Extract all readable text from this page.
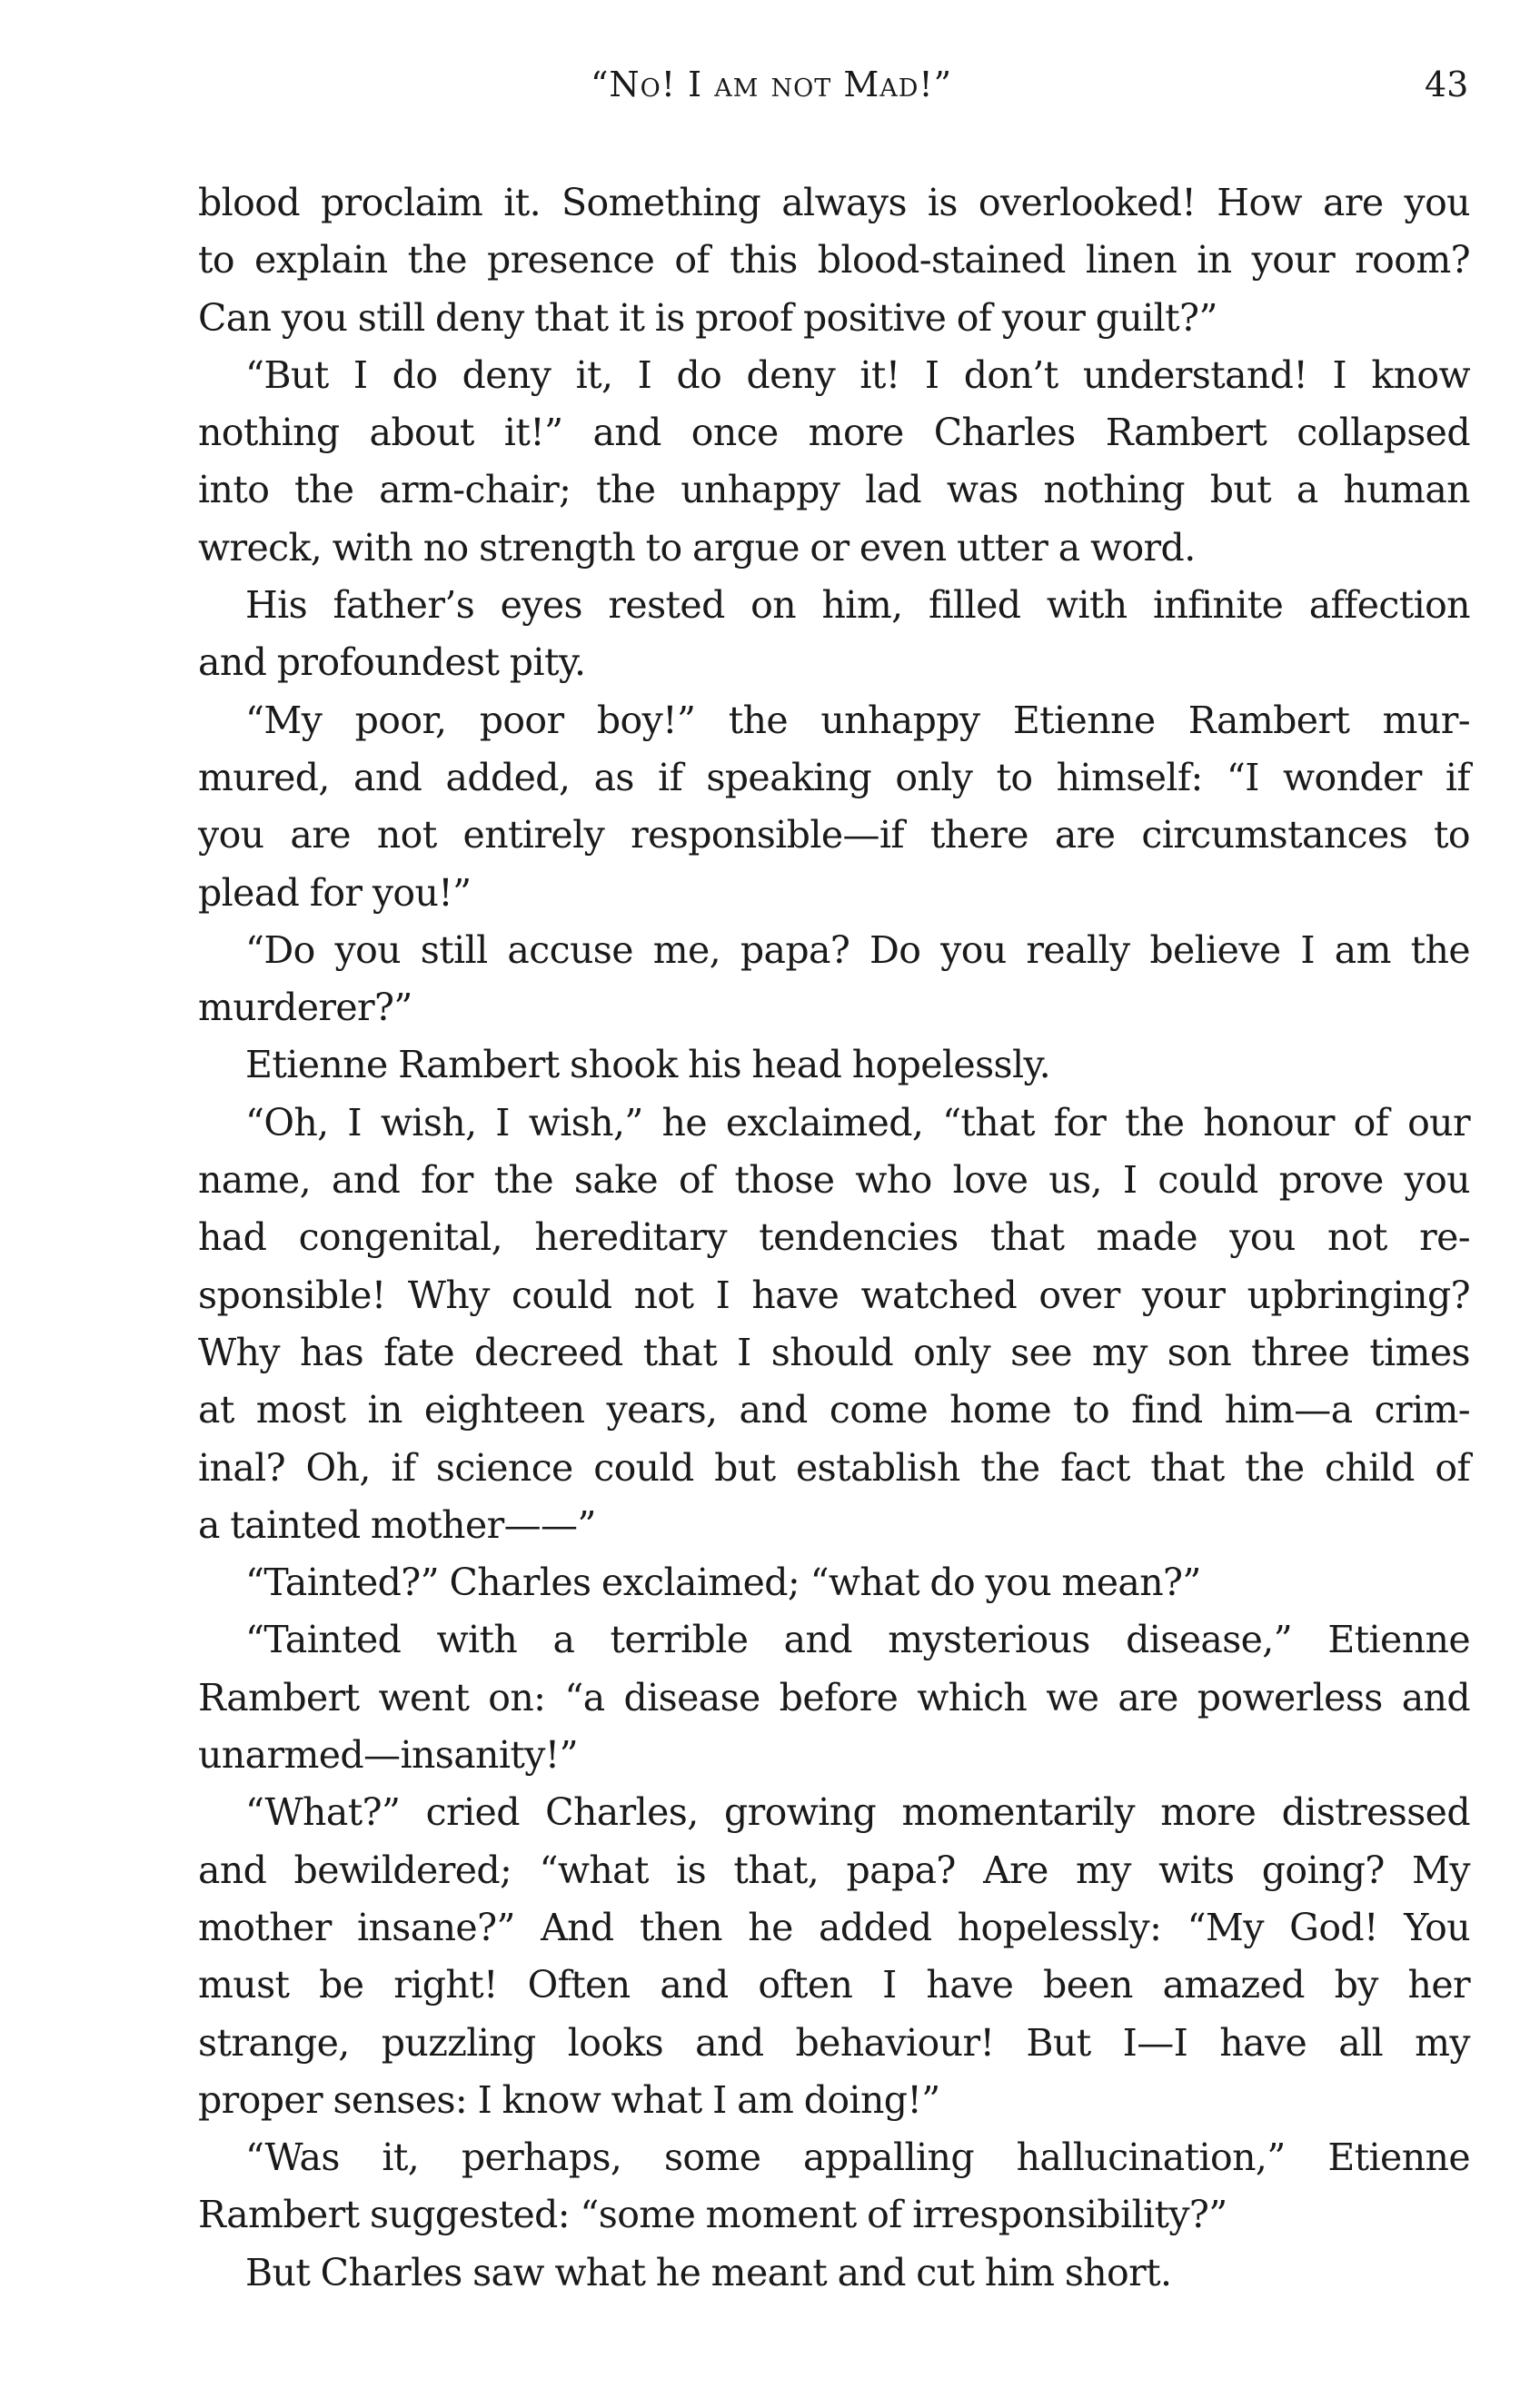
“No! I am not Mad!”	43
blood proclaim it. Something always is overlooked! How are you
to explain the presence of this blood-stained linen in your room?
Can you still deny that it is proof positive of your guilt?”
“But I do deny it, I do deny it! I don’t understand! I know
nothing about it!” and once more Charles Rambert collapsed
into the arm-chair; the unhappy lad was nothing but a human
wreck, with no strength to argue or even utter a word.
His father’s eyes rested on him, filled with infinite affection
and profoundest pity.
“My poor, poor boy!” the unhappy Etienne Rambert mur-
mured, and added, as if speaking only to himself: “I wonder if
you are not entirely responsible—if there are circumstances to
plead for you!”
“Do you still accuse me, papa? Do you really believe I am the
murderer?”
Etienne Rambert shook his head hopelessly.
“Oh, I wish, I wish,” he exclaimed, “that for the honour of our
name, and for the sake of those who love us, I could prove you
had congenital, hereditary tendencies that made you not re-
sponsible! Why could not I have watched over your upbringing?
Why has fate decreed that I should only see my son three times
at most in eighteen years, and come home to find him—a crim-
inal? Oh, if science could but establish the fact that the child of
a tainted mother——”
“Tainted?” Charles exclaimed; “what do you mean?”
“Tainted with a terrible and mysterious disease,” Etienne
Rambert went on: “a disease before which we are powerless and
unarmed—insanity!”
“What?” cried Charles, growing momentarily more distressed
and bewildered; “what is that, papa? Are my wits going? My
mother insane?” And then he added hopelessly: “My God! You
must be right! Often and often I have been amazed by her
strange, puzzling looks and behaviour! But I—I have all my
proper senses: I know what I am doing!”
“Was it, perhaps, some appalling hallucination,” Etienne
Rambert suggested: “some moment of irresponsibility?”
But Charles saw what he meant and cut him short.
